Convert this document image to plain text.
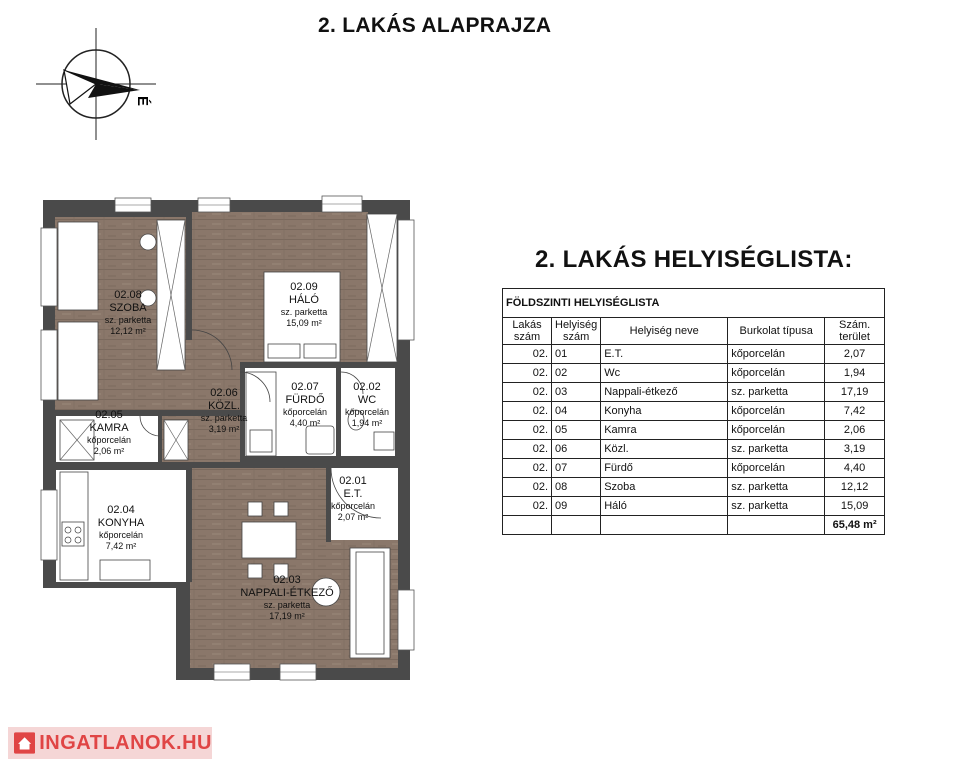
2. LAKÁS ALAPRAJZA
É
02.08
SZOBA
sz. parketta
12,12 m²
02.09
HÁLÓ
sz. parketta
15,09 m²
02.06
KÖZL.
sz. parketta
3,19 m²
02.07
FÜRDŐ
kőporcelán
4,40 m²
02.02
WC
kőporcelán
1,94 m²
02.05
KAMRA
kőporcelán
2,06 m²
02.01
E.T.
kőporcelán
2,07 m²
02.04
KONYHA
kőporcelán
7,42 m²
02.03
NAPPALI-ÉTKEZŐ
sz. parketta
17,19 m²
2. LAKÁS HELYISÉGLISTA:
FÖLDSZINTI HELYISÉGLISTA				
Lakás szám	Helyiség szám	Helyiség neve	Burkolat típusa	Szám. terület
02.	01	E.T.	kőporcelán	2,07
02.	02	Wc	kőporcelán	1,94
02.	03	Nappali-étkező	sz. parketta	17,19
02.	04	Konyha	kőporcelán	7,42
02.	05	Kamra	kőporcelán	2,06
02.	06	Közl.	sz. parketta	3,19
02.	07	Fürdő	kőporcelán	4,40
02.	08	Szoba	sz. parketta	12,12
02.	09	Háló	sz. parketta	15,09
				65,48 m²
INGATLANOK.HU
